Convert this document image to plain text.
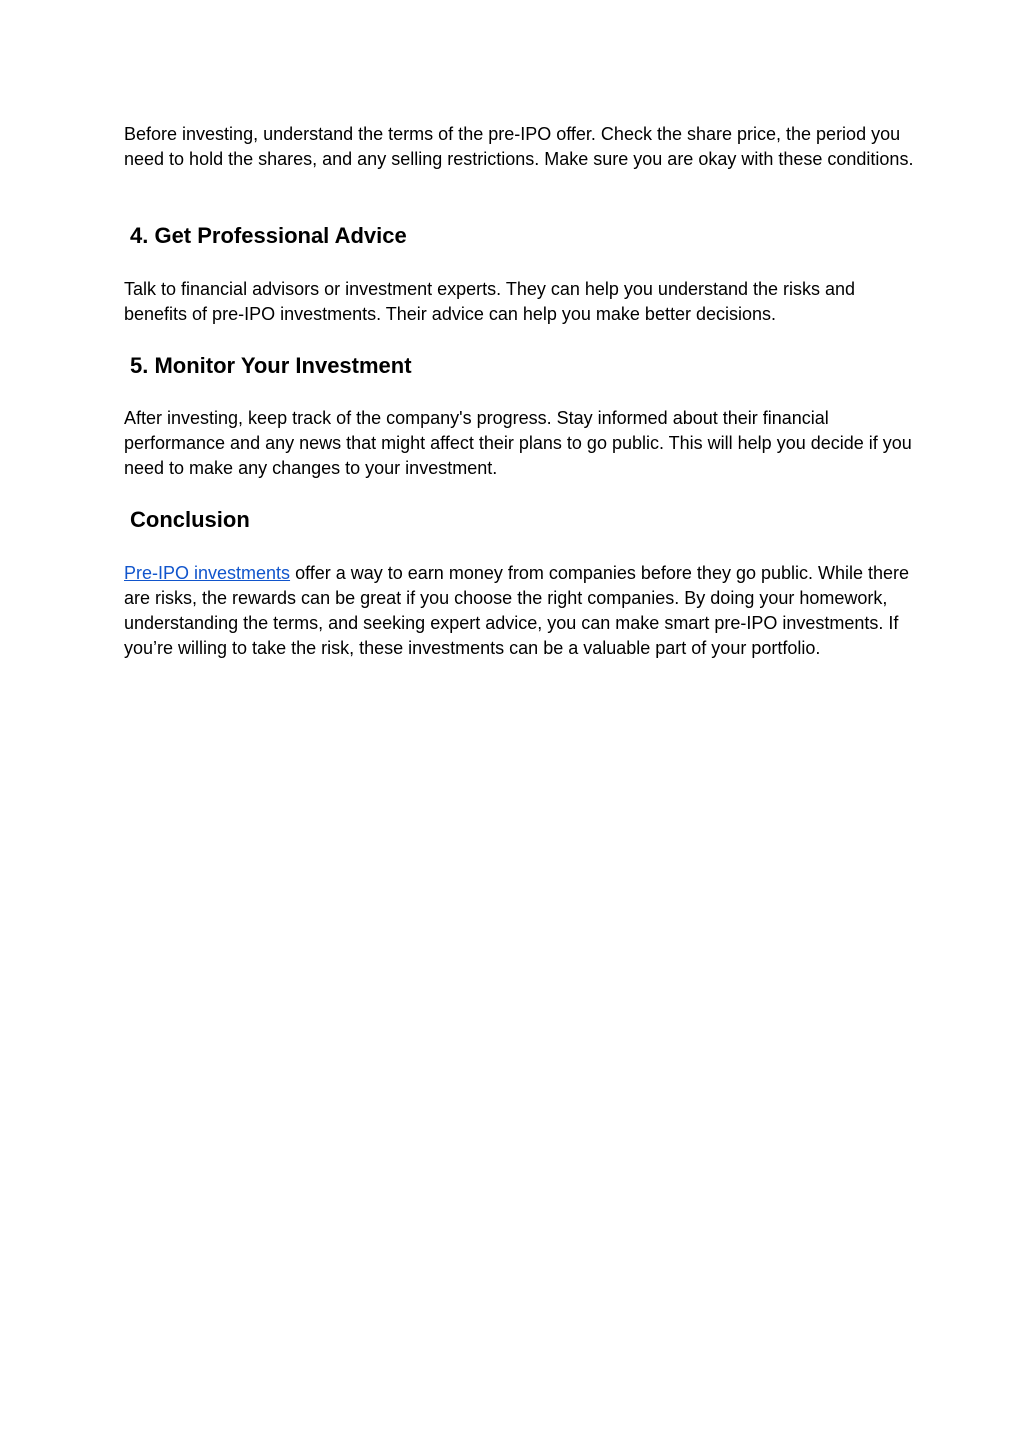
Before investing, understand the terms of the pre-IPO offer. Check the share price, the period you need to hold the shares, and any selling restrictions. Make sure you are okay with these conditions.

4. Get Professional Advice

Talk to financial advisors or investment experts. They can help you understand the risks and benefits of pre-IPO investments. Their advice can help you make better decisions.

5. Monitor Your Investment

After investing, keep track of the company's progress. Stay informed about their financial performance and any news that might affect their plans to go public. This will help you decide if you need to make any changes to your investment.

Conclusion

Pre-IPO investments offer a way to earn money from companies before they go public. While there are risks, the rewards can be great if you choose the right companies. By doing your homework, understanding the terms, and seeking expert advice, you can make smart pre-IPO investments. If you’re willing to take the risk, these investments can be a valuable part of your portfolio.
